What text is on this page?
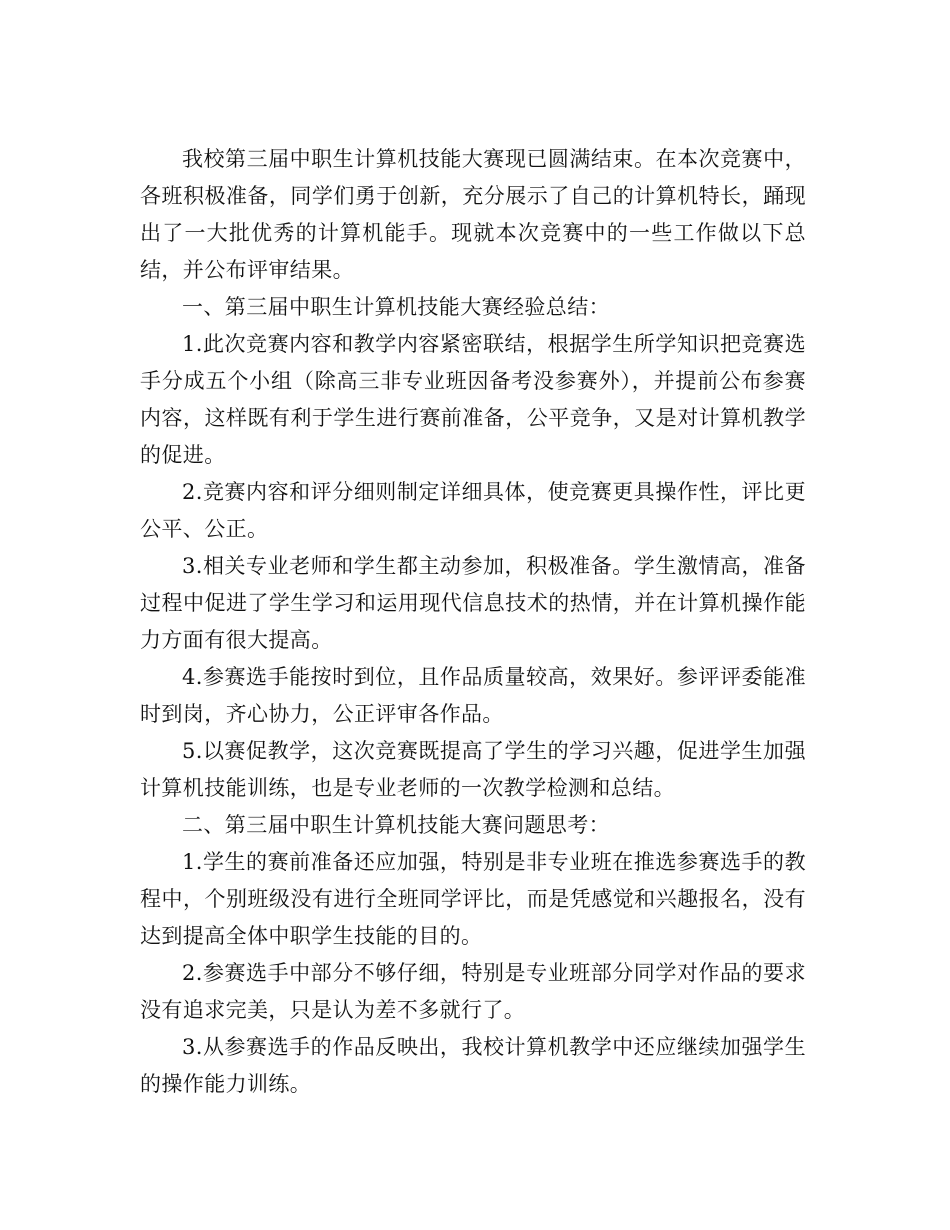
我校第三届中职生计算机技能大赛现已圆满结束。在本次竞赛中，各班积极准备，同学们勇于创新，充分展示了自己的计算机特长，踊现出了一大批优秀的计算机能手。现就本次竞赛中的一些工作做以下总结，并公布评审结果。

一、第三届中职生计算机技能大赛经验总结：

1.此次竞赛内容和教学内容紧密联结，根据学生所学知识把竞赛选手分成五个小组（除高三非专业班因备考没参赛外），并提前公布参赛内容，这样既有利于学生进行赛前准备，公平竞争，又是对计算机教学的促进。

2.竞赛内容和评分细则制定详细具体，使竞赛更具操作性，评比更公平、公正。

3.相关专业老师和学生都主动参加，积极准备。学生激情高，准备过程中促进了学生学习和运用现代信息技术的热情，并在计算机操作能力方面有很大提高。

4.参赛选手能按时到位，且作品质量较高，效果好。参评评委能准时到岗，齐心协力，公正评审各作品。

5.以赛促教学，这次竞赛既提高了学生的学习兴趣，促进学生加强计算机技能训练，也是专业老师的一次教学检测和总结。

二、第三届中职生计算机技能大赛问题思考：

1.学生的赛前准备还应加强，特别是非专业班在推选参赛选手的教程中，个别班级没有进行全班同学评比，而是凭感觉和兴趣报名，没有达到提高全体中职学生技能的目的。

2.参赛选手中部分不够仔细，特别是专业班部分同学对作品的要求没有追求完美，只是认为差不多就行了。

3.从参赛选手的作品反映出，我校计算机教学中还应继续加强学生的操作能力训练。
